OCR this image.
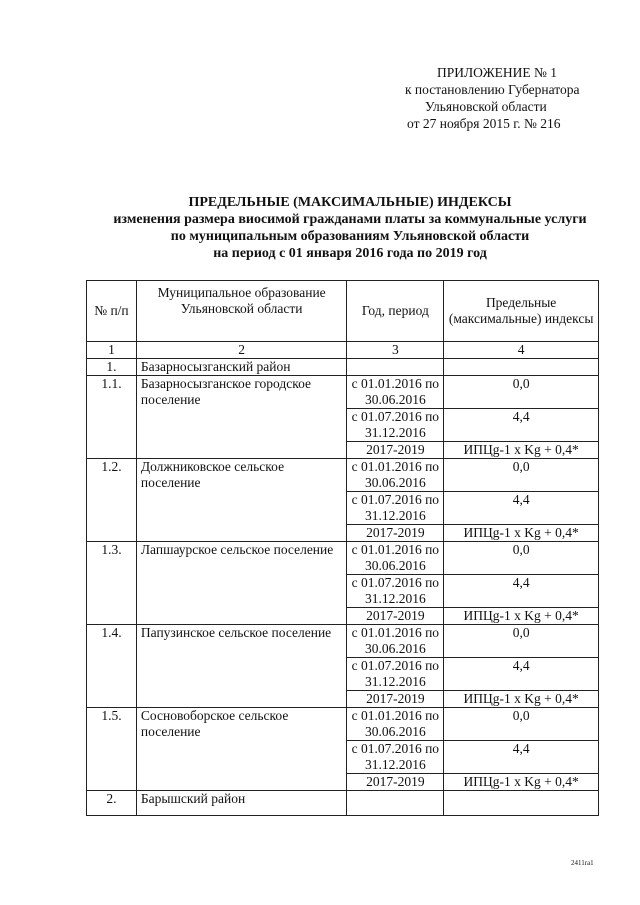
ПРИЛОЖЕНИЕ № 1
к постановлению Губернатора
Ульяновской области
от 27 ноября 2015 г. № 216
ПРЕДЕЛЬНЫЕ (МАКСИМАЛЬНЫЕ) ИНДЕКСЫ
изменения размера виосимой гражданами платы за коммунальные услуги
по муниципальным образованиям Ульяновской области
на период с 01 января 2016 года по 2019 год
№ п/п	Муниципальное образование Ульяновской области	Год, период	Предельные (максимальные) индексы
1	2	3	4
1.	Базарносызганский район		
1.1.	Базарносызганское городское поселение	с 01.01.2016 по 30.06.2016	0,0
		с 01.07.2016 по 31.12.2016	4,4
		2017-2019	ИПЦg-1 x Kg + 0,4*
1.2.	Должниковское сельское поселение	с 01.01.2016 по 30.06.2016	0,0
		с 01.07.2016 по 31.12.2016	4,4
		2017-2019	ИПЦg-1 x Kg + 0,4*
1.3.	Лапшаурское сельское поселение	с 01.01.2016 по 30.06.2016	0,0
		с 01.07.2016 по 31.12.2016	4,4
		2017-2019	ИПЦg-1 x Kg + 0,4*
1.4.	Папузинское сельское поселение	с 01.01.2016 по 30.06.2016	0,0
		с 01.07.2016 по 31.12.2016	4,4
		2017-2019	ИПЦg-1 x Kg + 0,4*
1.5.	Сосновоборское сельское поселение	с 01.01.2016 по 30.06.2016	0,0
		с 01.07.2016 по 31.12.2016	4,4
		2017-2019	ИПЦg-1 x Kg + 0,4*
2.	Барышский район		
2411ra1
